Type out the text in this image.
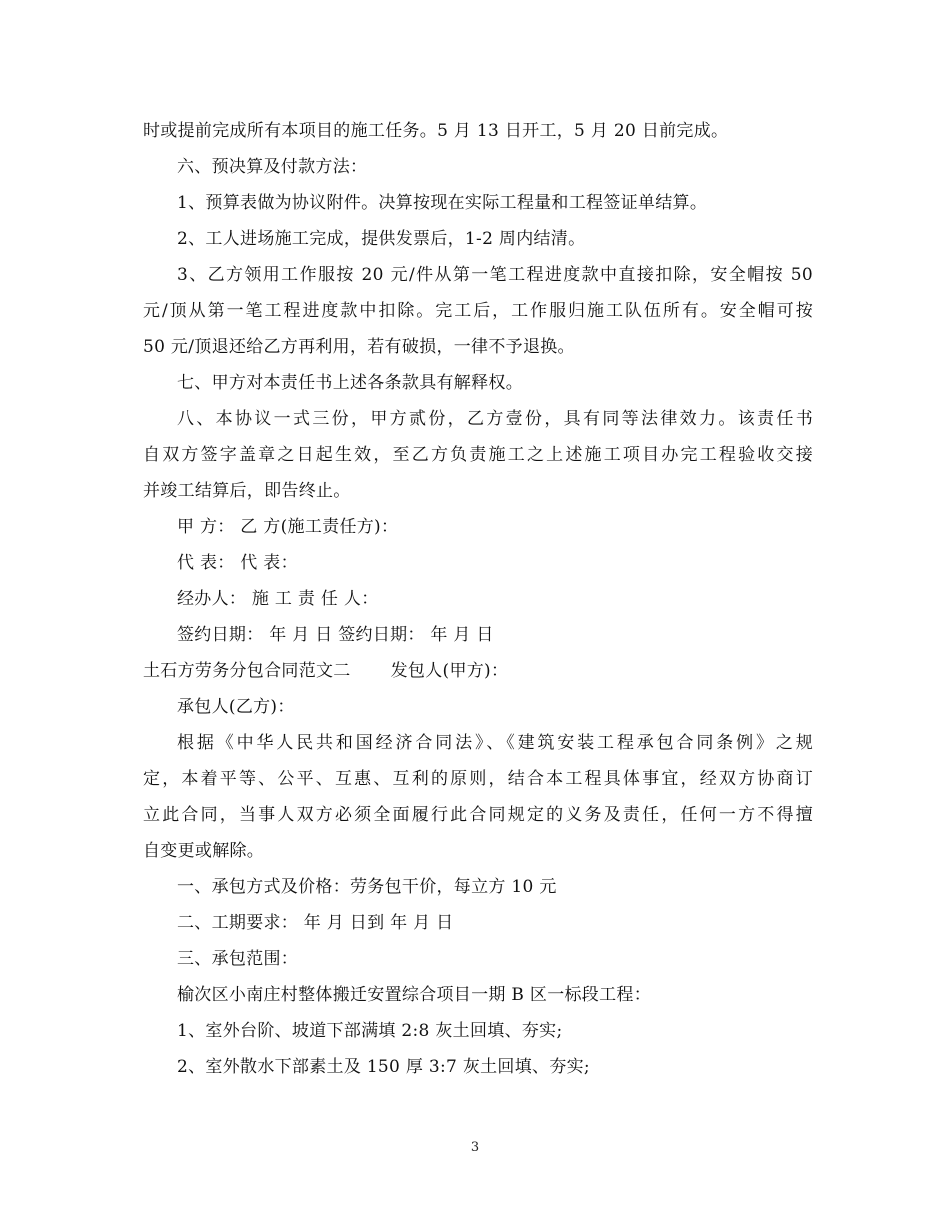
时或提前完成所有本项目的施工任务。5 月 13 日开工，5 月 20 日前完成。
六、预决算及付款方法：
1、预算表做为协议附件。决算按现在实际工程量和工程签证单结算。
2、工人进场施工完成，提供发票后，1-2 周内结清。
3、乙方领用工作服按 20 元/件从第一笔工程进度款中直接扣除，安全帽按 50
元/顶从第一笔工程进度款中扣除。完工后，工作服归施工队伍所有。安全帽可按
50 元/顶退还给乙方再利用，若有破损，一律不予退换。
七、甲方对本责任书上述各条款具有解释权。
八、本协议一式三份，甲方贰份，乙方壹份，具有同等法律效力。该责任书
自双方签字盖章之日起生效，至乙方负责施工之上述施工项目办完工程验收交接
并竣工结算后，即告终止。
甲 方： 乙 方(施工责任方)：
代 表： 代 表：
经办人： 施 工 责 任 人：
签约日期： 年 月 日 签约日期： 年 月 日
土石方劳务分包合同范文二 发包人(甲方)：
承包人(乙方)：
根据《中华人民共和国经济合同法》、《建筑安装工程承包合同条例》之规
定，本着平等、公平、互惠、互利的原则，结合本工程具体事宜，经双方协商订
立此合同，当事人双方必须全面履行此合同规定的义务及责任，任何一方不得擅
自变更或解除。
一、承包方式及价格：劳务包干价，每立方 10 元
二、工期要求： 年 月 日到 年 月 日
三、承包范围：
榆次区小南庄村整体搬迁安置综合项目一期 B 区一标段工程：
1、室外台阶、坡道下部满填 2:8 灰土回填、夯实;
2、室外散水下部素土及 150 厚 3:7 灰土回填、夯实;
3
